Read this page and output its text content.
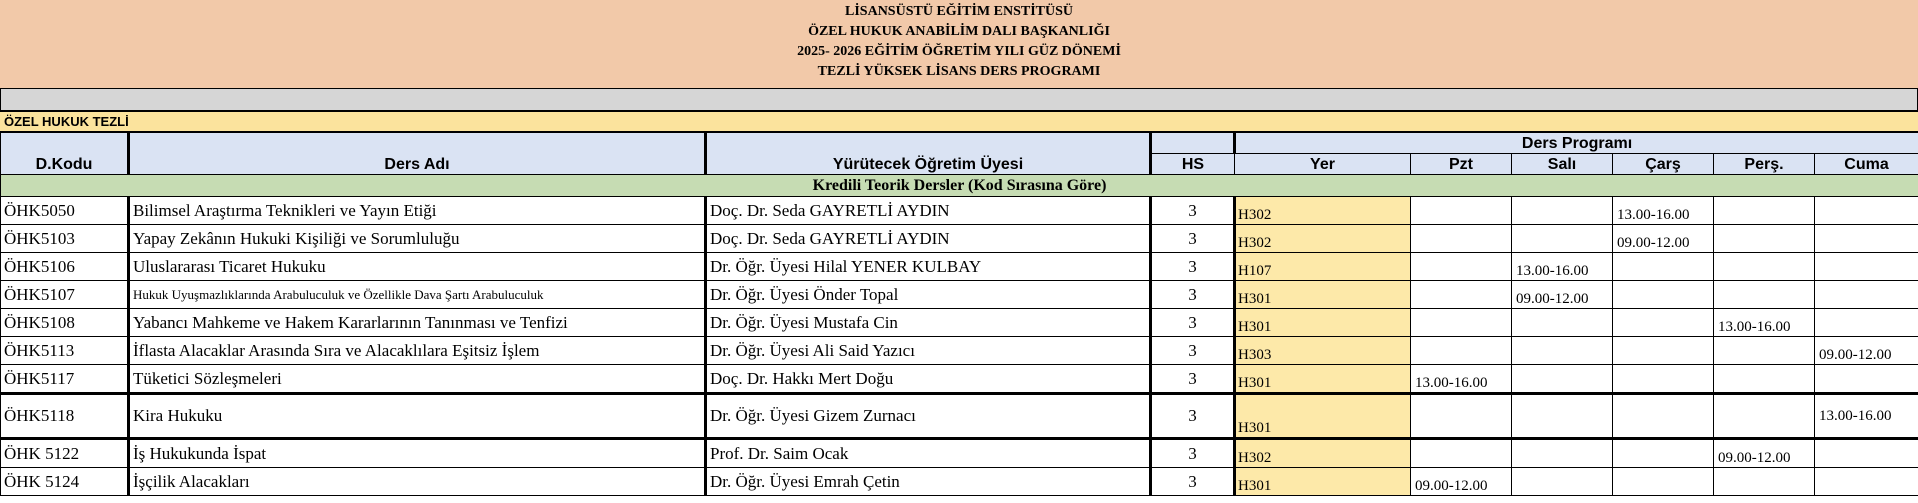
LİSANSÜSTÜ EĞİTİM ENSTİTÜSÜ
ÖZEL HUKUK ANABİLİM DALI BAŞKANLIĞI
2025- 2026 EĞİTİM ÖĞRETİM YILI GÜZ DÖNEMİ
TEZLİ YÜKSEK LİSANS DERS PROGRAMI
ÖZEL HUKUK TEZLİ
D.Kodu	Ders Adı	Yürütecek Öğretim Üyesi		Ders Programı					
			HS	Yer	Pzt	Salı	Çarş	Perş.	Cuma
Kredili Teorik Dersler (Kod Sırasına Göre)									
ÖHK5050	Bilimsel Araştırma Teknikleri ve Yayın Etiği	Doç. Dr. Seda GAYRETLİ AYDIN	3	H302			13.00-16.00		
ÖHK5103	Yapay Zekânın Hukuki Kişiliği ve Sorumluluğu	Doç. Dr. Seda GAYRETLİ AYDIN	3	H302			09.00-12.00		
ÖHK5106	Uluslararası Ticaret Hukuku	Dr. Öğr. Üyesi Hilal YENER KULBAY	3	H107		13.00-16.00			
ÖHK5107	Hukuk Uyuşmazlıklarında Arabuluculuk ve Özellikle Dava Şartı Arabuluculuk	Dr. Öğr. Üyesi Önder Topal	3	H301		09.00-12.00			
ÖHK5108	Yabancı Mahkeme ve Hakem Kararlarının Tanınması ve Tenfizi	Dr. Öğr. Üyesi Mustafa Cin	3	H301				13.00-16.00	
ÖHK5113	İflasta Alacaklar Arasında Sıra ve Alacaklılara Eşitsiz İşlem	Dr. Öğr. Üyesi Ali Said Yazıcı	3	H303					09.00-12.00
ÖHK5117	Tüketici Sözleşmeleri	Doç. Dr. Hakkı Mert Doğu	3	H301	13.00-16.00				
ÖHK5118	Kira Hukuku	Dr. Öğr. Üyesi Gizem Zurnacı	3	H301					13.00-16.00
ÖHK 5122	İş Hukukunda İspat	Prof. Dr. Saim Ocak	3	H302				09.00-12.00	
ÖHK 5124	İşçilik Alacakları	Dr. Öğr. Üyesi Emrah Çetin	3	H301	09.00-12.00				
